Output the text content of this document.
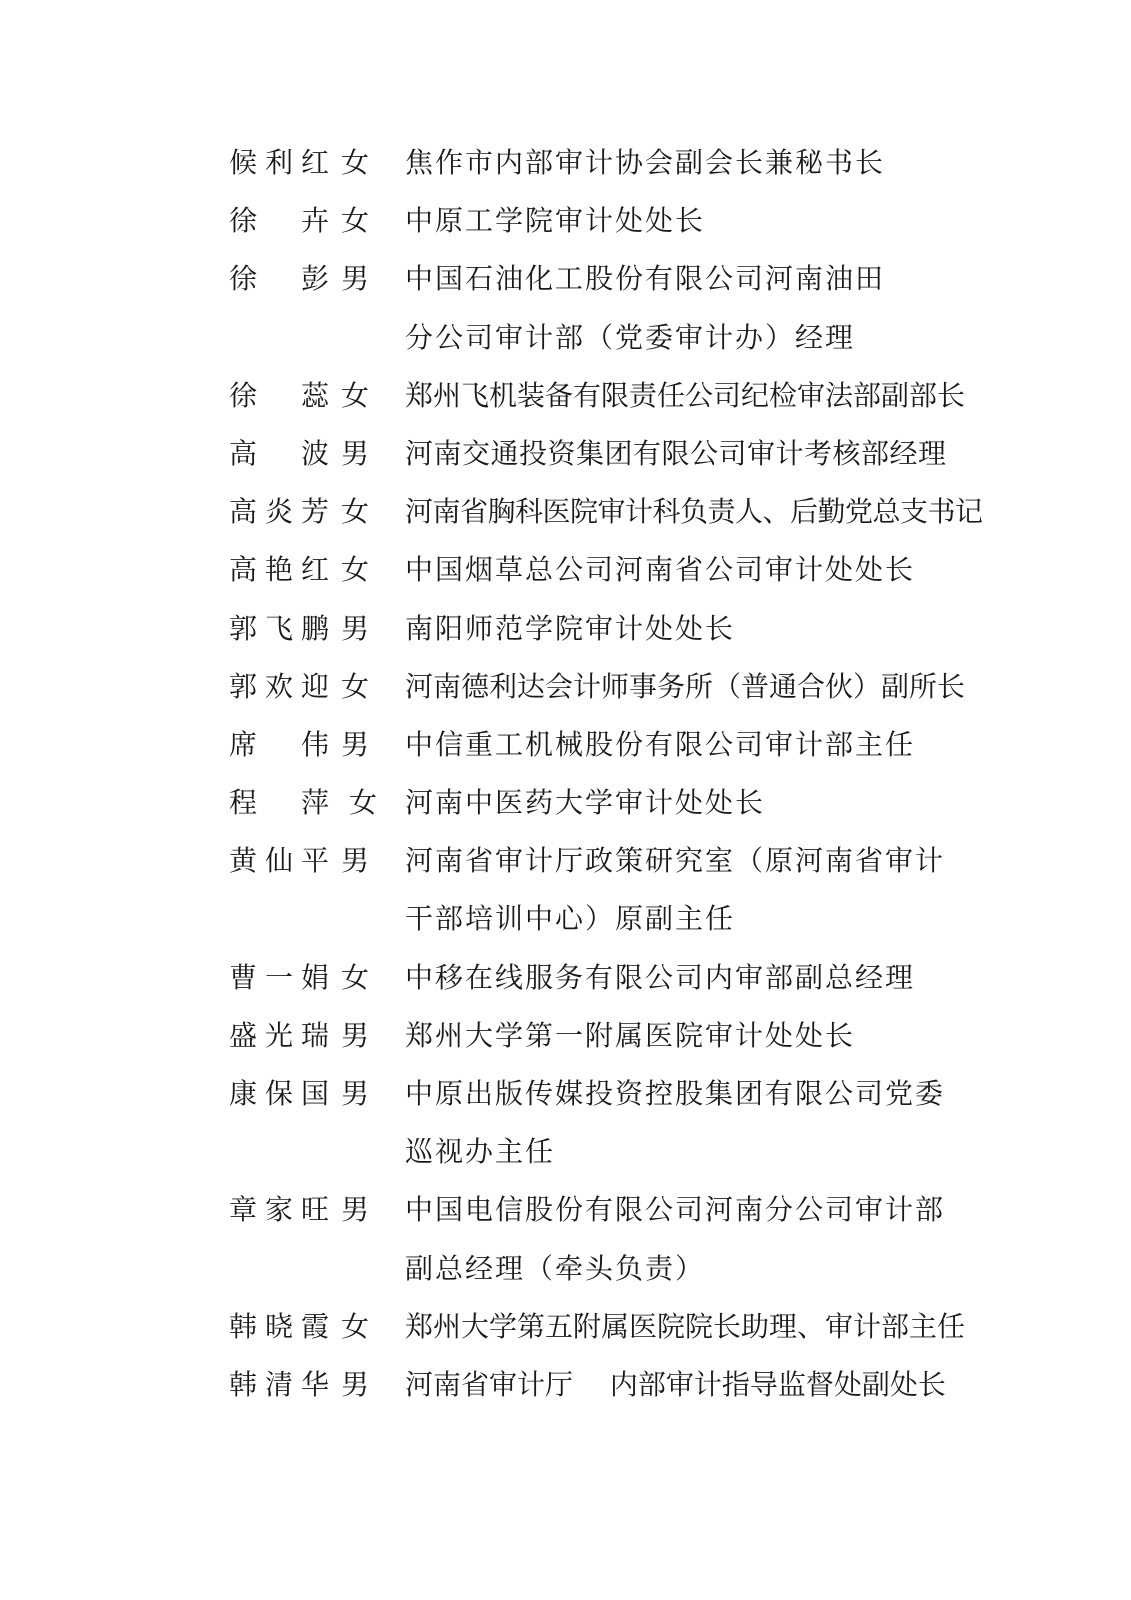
候 利 红 女	焦作市内部审计协会副会长兼秘书长
徐 卉 女	中原工学院审计处处长
徐 彭 男	中国石油化工股份有限公司河南油田
分公司审计部（党委审计办）经理
徐 蕊 女	郑州飞机装备有限责任公司纪检审法部副部长
高 波 男	河南交通投资集团有限公司审计考核部经理
高 炎 芳 女	河南省胸科医院审计科负责人、后勤党总支书记
高 艳 红 女	中国烟草总公司河南省公司审计处处长
郭 飞 鹏 男	南阳师范学院审计处处长
郭 欢 迎 女	河南德利达会计师事务所（普通合伙）副所长
席 伟 男	中信重工机械股份有限公司审计部主任
程 萍 女 河南中医药大学审计处处长
黄 仙 平 男	河南省审计厅政策研究室（原河南省审计
干部培训中心）原副主任
曹 一 娟 女	中移在线服务有限公司内审部副总经理
盛 光 瑞 男	郑州大学第一附属医院审计处处长
康 保 国 男	中原出版传媒投资控股集团有限公司党委
巡视办主任
章 家 旺 男	中国电信股份有限公司河南分公司审计部
副总经理（牵头负责）
韩 晓 霞 女	郑州大学第五附属医院院长助理、审计部主任
韩 清 华 男	河南省审计厅　 内部审计指导监督处副处长
